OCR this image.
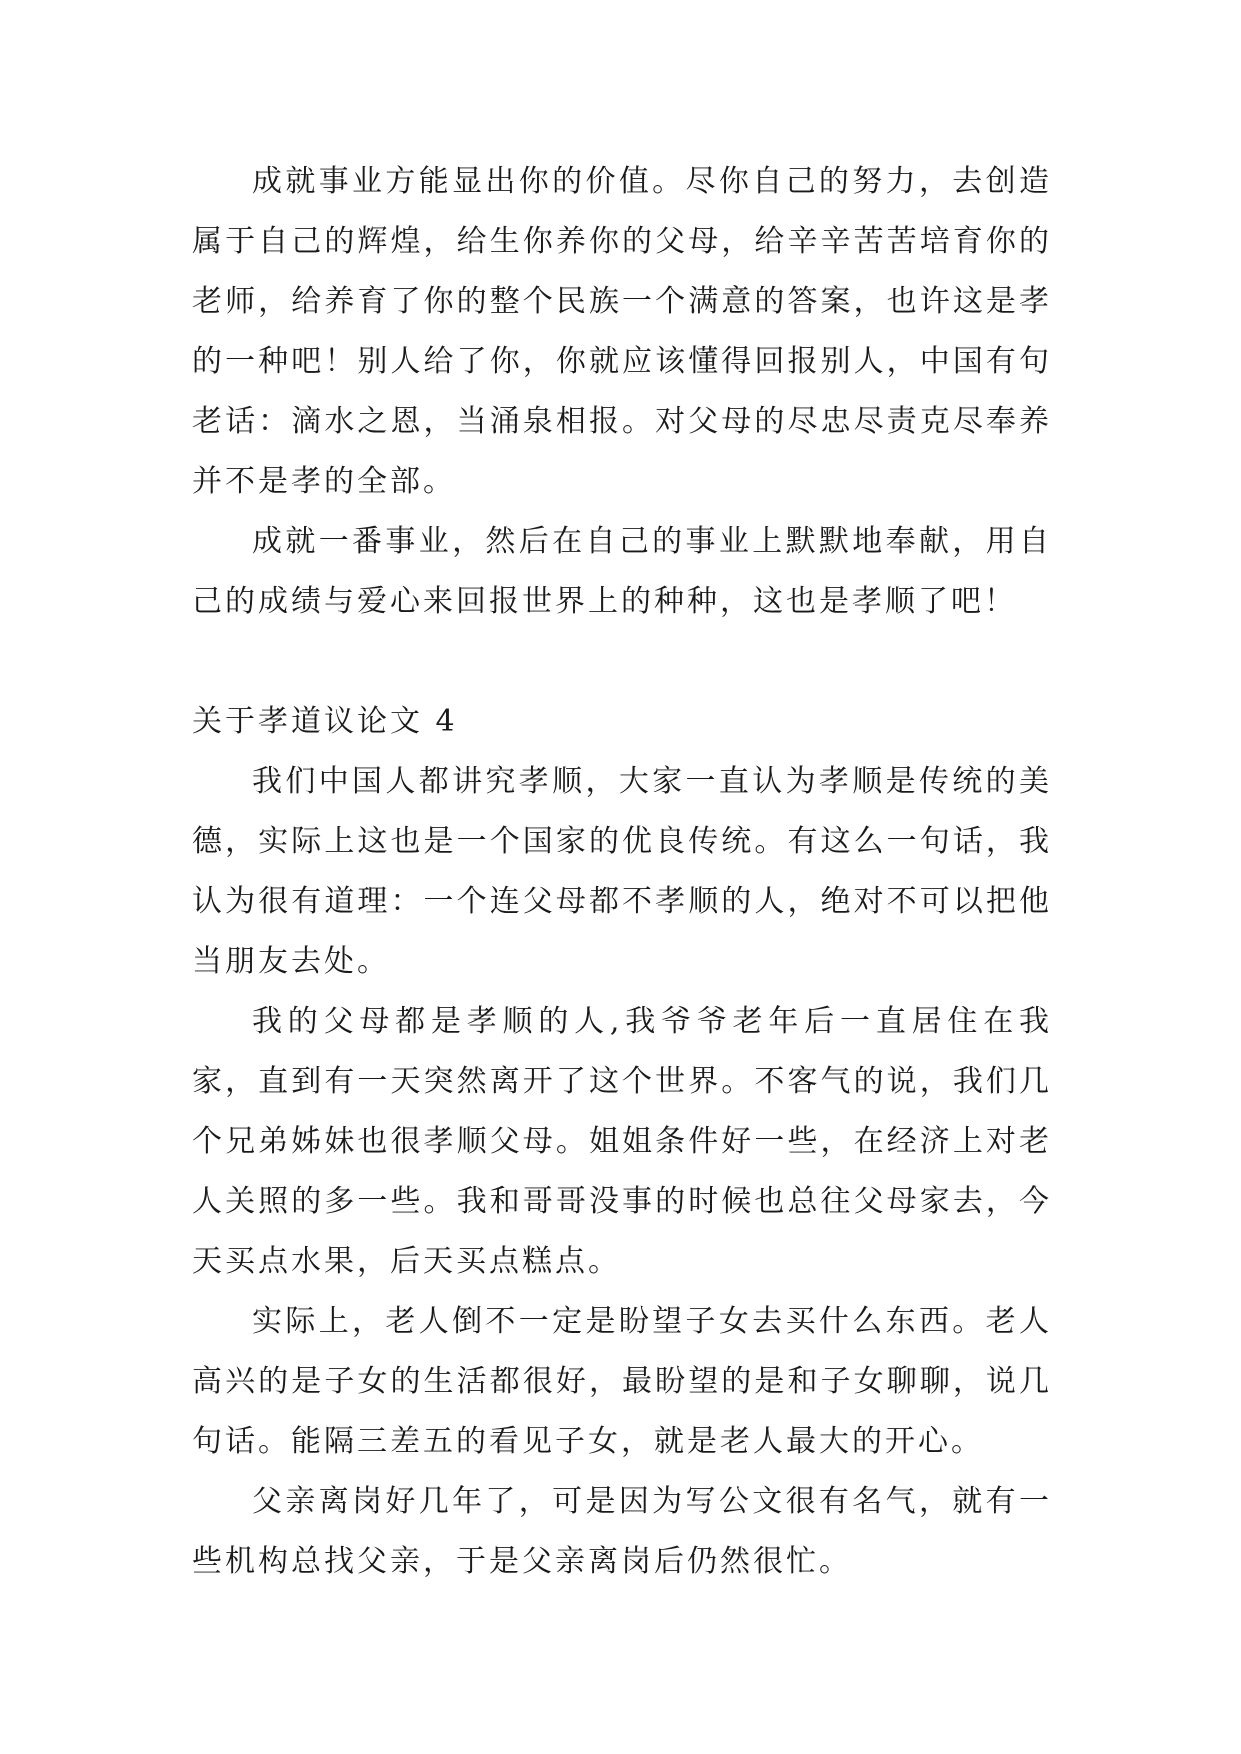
成就事业方能显出你的价值。尽你自己的努力，去创造属于自己的辉煌，给生你养你的父母，给辛辛苦苦培育你的老师，给养育了你的整个民族一个满意的答案，也许这是孝的一种吧！别人给了你，你就应该懂得回报别人，中国有句老话：滴水之恩，当涌泉相报。对父母的尽忠尽责克尽奉养并不是孝的全部。

成就一番事业，然后在自己的事业上默默地奉献，用自己的成绩与爱心来回报世界上的种种，这也是孝顺了吧！

关于孝道议论文 4

我们中国人都讲究孝顺，大家一直认为孝顺是传统的美德，实际上这也是一个国家的优良传统。有这么一句话，我认为很有道理：一个连父母都不孝顺的人，绝对不可以把他当朋友去处。

我的父母都是孝顺的人,我爷爷老年后一直居住在我家，直到有一天突然离开了这个世界。不客气的说，我们几个兄弟姊妹也很孝顺父母。姐姐条件好一些，在经济上对老人关照的多一些。我和哥哥没事的时候也总往父母家去，今天买点水果，后天买点糕点。

实际上，老人倒不一定是盼望子女去买什么东西。老人高兴的是子女的生活都很好，最盼望的是和子女聊聊，说几句话。能隔三差五的看见子女，就是老人最大的开心。

父亲离岗好几年了，可是因为写公文很有名气，就有一些机构总找父亲，于是父亲离岗后仍然很忙。
